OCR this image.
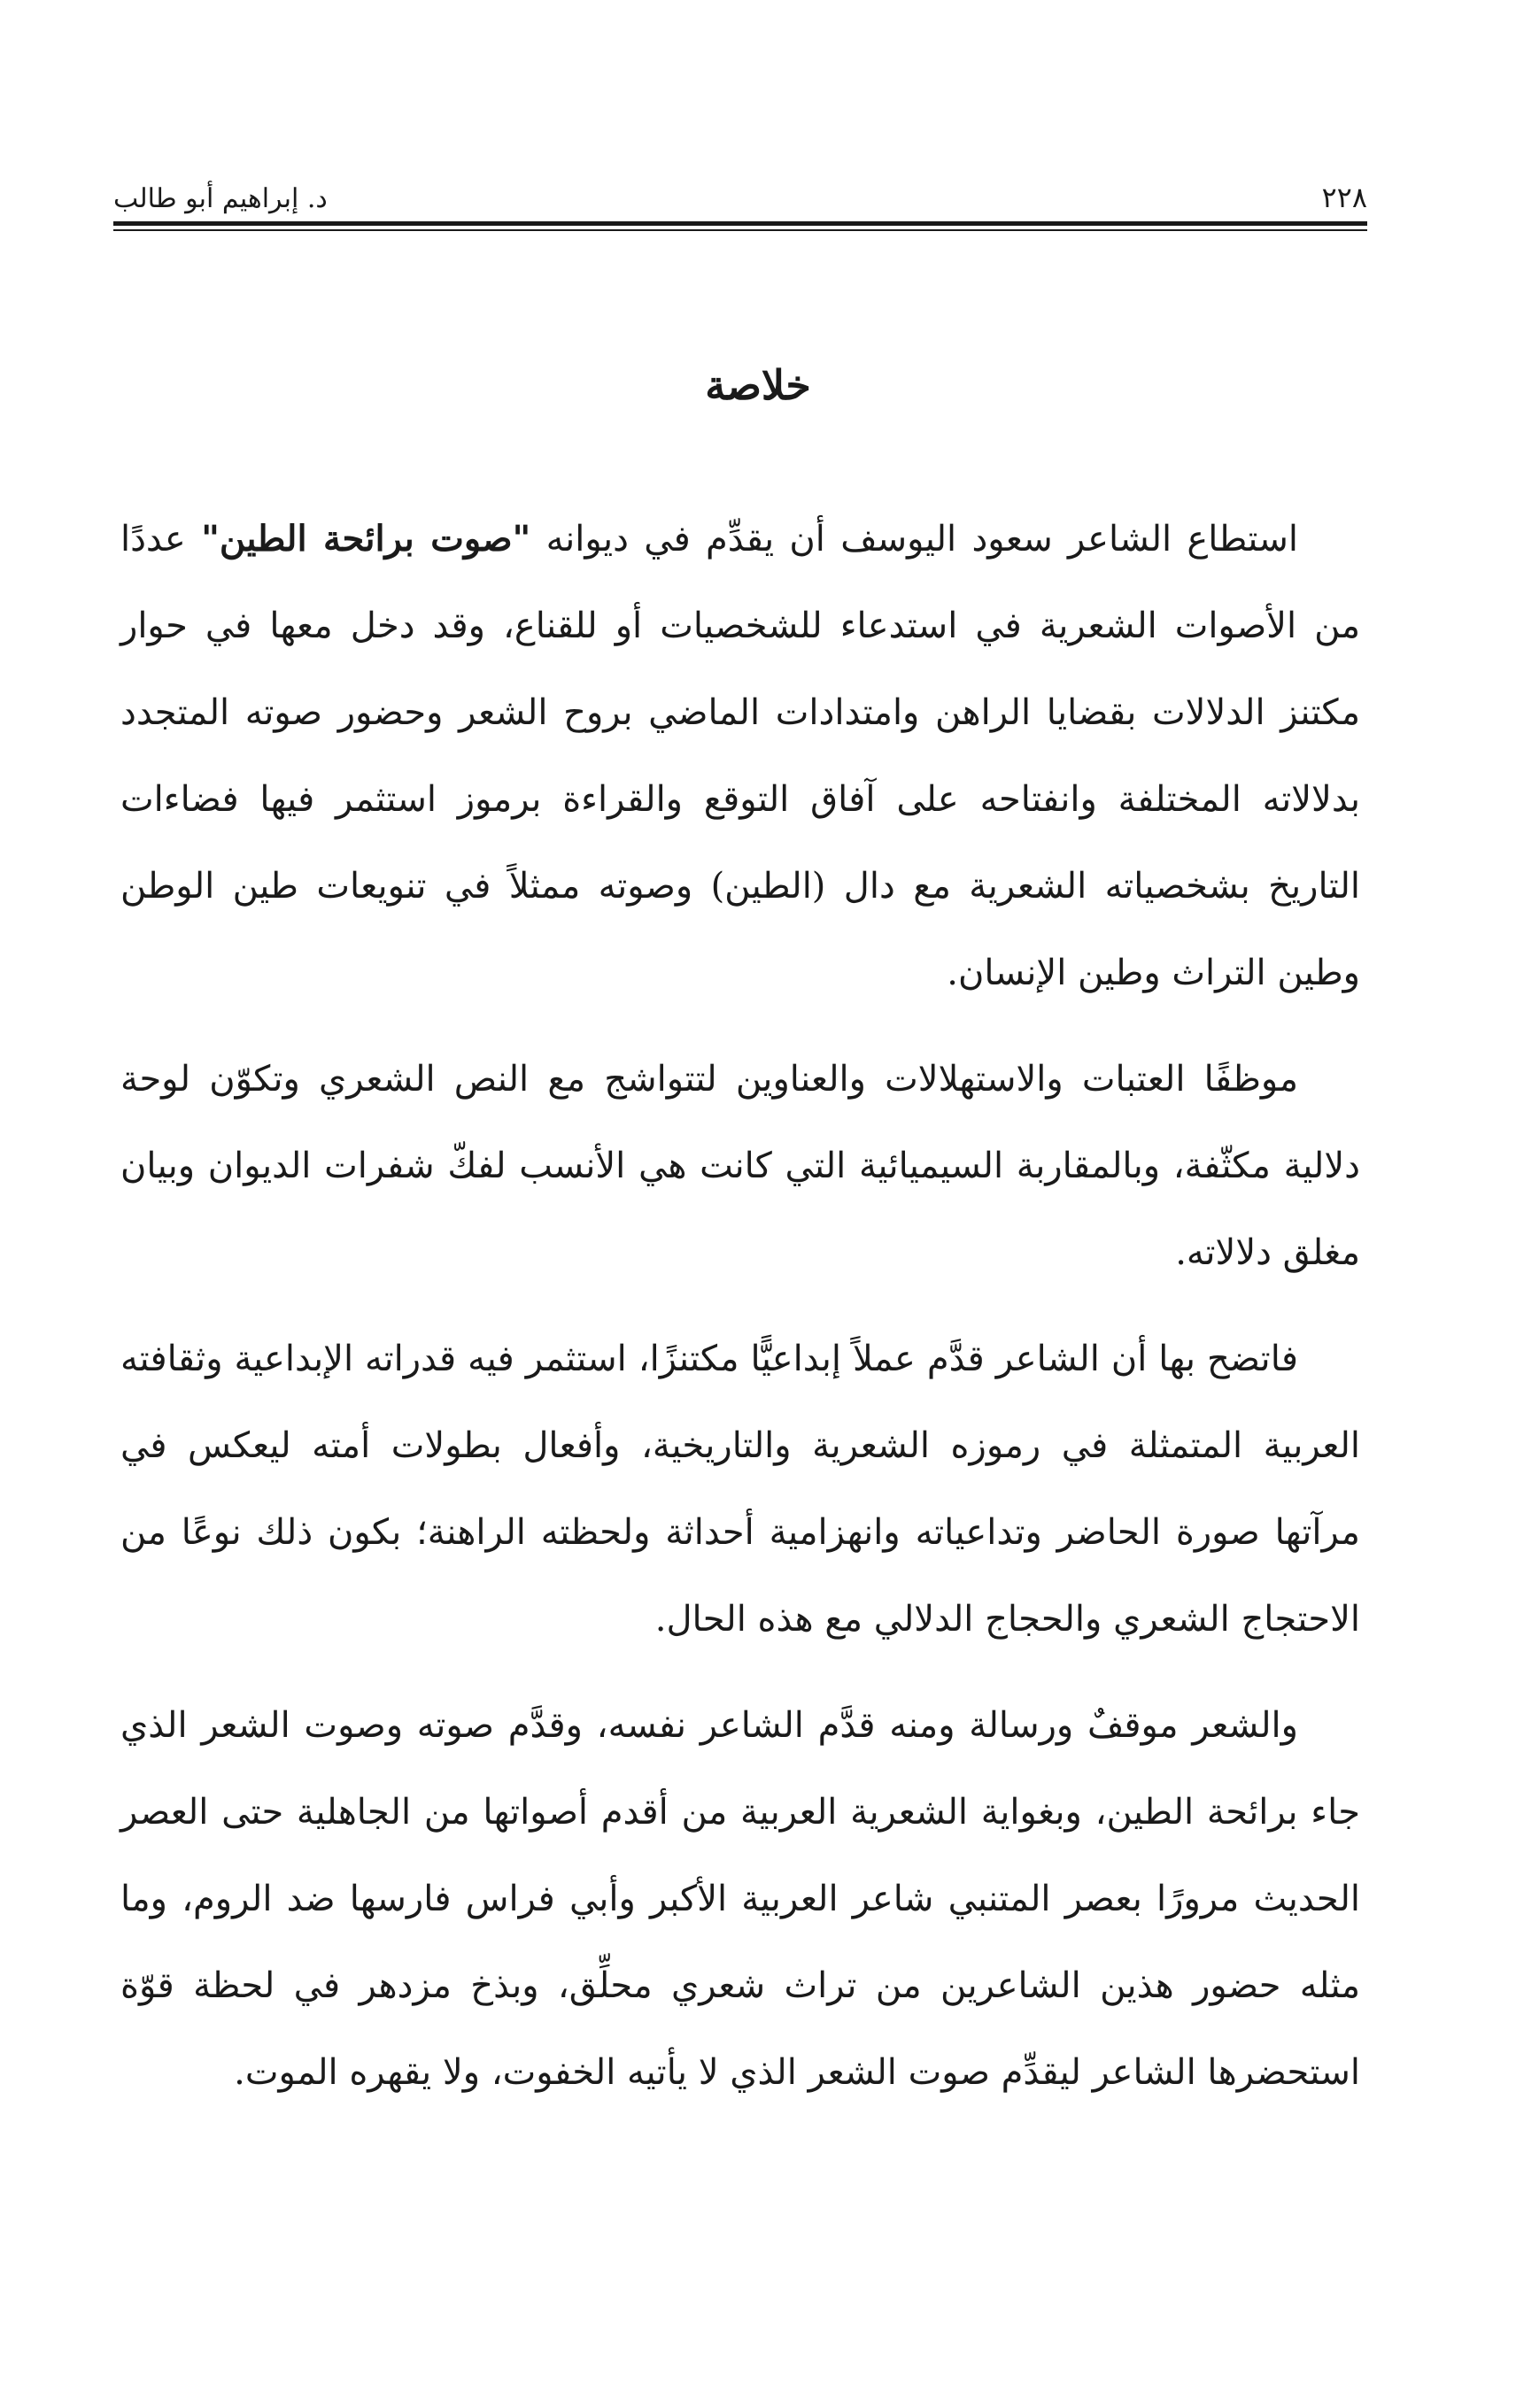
د. إبراهيم أبو طالب	٢٢٨
خلاصة

استطاع الشاعر سعود اليوسف أن يقدِّم في ديوانه "صوت برائحة الطين" عددًا من الأصوات الشعرية في استدعاء للشخصيات أو للقناع، وقد دخل معها في حوار مكتنز الدلالات بقضايا الراهن وامتدادات الماضي بروح الشعر وحضور صوته المتجدد بدلالاته المختلفة وانفتاحه على آفاق التوقع والقراءة برموز استثمر فيها فضاءات التاريخ بشخصياته الشعرية مع دال (الطين) وصوته ممثلاً في تنويعات طين الوطن وطين التراث وطين الإنسان.

موظفًا العتبات والاستهلالات والعناوين لتتواشج مع النص الشعري وتكوّن لوحة دلالية مكثّفة، وبالمقاربة السيميائية التي كانت هي الأنسب لفكّ شفرات الديوان وبيان مغلق دلالاته.

فاتضح بها أن الشاعر قدَّم عملاً إبداعيًّا مكتنزًا، استثمر فيه قدراته الإبداعية وثقافته العربية المتمثلة في رموزه الشعرية والتاريخية، وأفعال بطولات أمته ليعكس في مرآتها صورة الحاضر وتداعياته وانهزامية أحداثة ولحظته الراهنة؛ بكون ذلك نوعًا من الاحتجاج الشعري والحجاج الدلالي مع هذه الحال.

والشعر موقفٌ ورسالة ومنه قدَّم الشاعر نفسه، وقدَّم صوته وصوت الشعر الذي جاء برائحة الطين، وبغواية الشعرية العربية من أقدم أصواتها من الجاهلية حتى العصر الحديث مرورًا بعصر المتنبي شاعر العربية الأكبر وأبي فراس فارسها ضد الروم، وما مثله حضور هذين الشاعرين من تراث شعري محلِّق، وبذخ مزدهر في لحظة قوّة استحضرها الشاعر ليقدِّم صوت الشعر الذي لا يأتيه الخفوت، ولا يقهره الموت.
